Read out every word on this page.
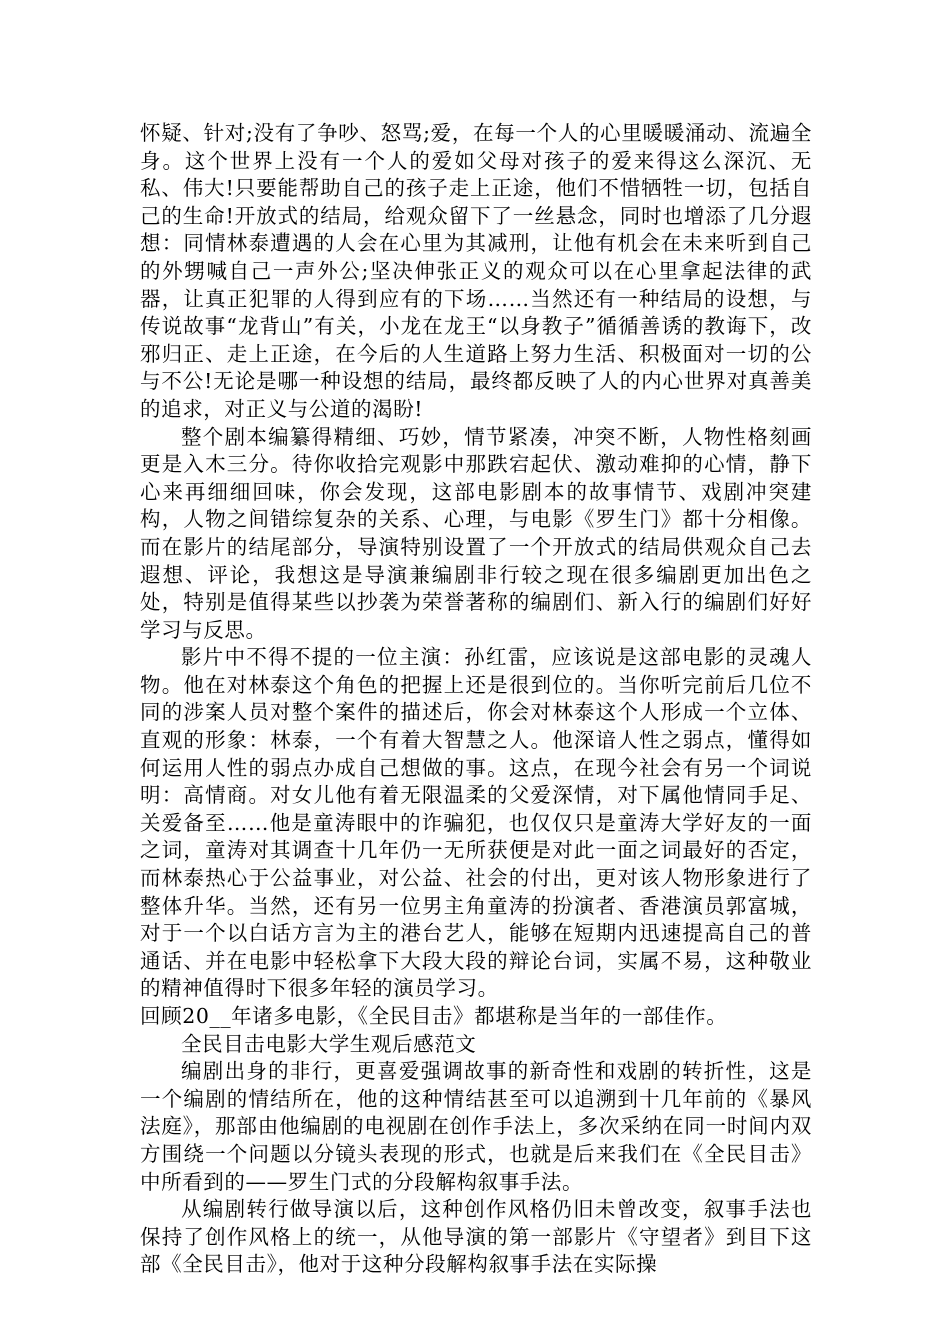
怀疑、针对;没有了争吵、怒骂;爱，在每一个人的心里暖暖涌动、流遍全身。这个世界上没有一个人的爱如父母对孩子的爱来得这么深沉、无私、伟大!只要能帮助自己的孩子走上正途，他们不惜牺牲一切，包括自己的生命!开放式的结局，给观众留下了一丝悬念，同时也增添了几分遐想：同情林泰遭遇的人会在心里为其减刑，让他有机会在未来听到自己的外甥喊自己一声外公;坚决伸张正义的观众可以在心里拿起法律的武器，让真正犯罪的人得到应有的下场……当然还有一种结局的设想，与传说故事“龙背山”有关，小龙在龙王“以身教子”循循善诱的教诲下，改邪归正、走上正途，在今后的人生道路上努力生活、积极面对一切的公与不公!无论是哪一种设想的结局，最终都反映了人的内心世界对真善美的追求，对正义与公道的渴盼!

整个剧本编纂得精细、巧妙，情节紧凑，冲突不断，人物性格刻画更是入木三分。待你收拾完观影中那跌宕起伏、激动难抑的心情，静下心来再细细回味，你会发现，这部电影剧本的故事情节、戏剧冲突建构，人物之间错综复杂的关系、心理，与电影《罗生门》都十分相像。而在影片的结尾部分，导演特别设置了一个开放式的结局供观众自己去遐想、评论，我想这是导演兼编剧非行较之现在很多编剧更加出色之处，特别是值得某些以抄袭为荣誉著称的编剧们、新入行的编剧们好好学习与反思。

影片中不得不提的一位主演：孙红雷，应该说是这部电影的灵魂人物。他在对林泰这个角色的把握上还是很到位的。当你听完前后几位不同的涉案人员对整个案件的描述后，你会对林泰这个人形成一个立体、直观的形象：林泰，一个有着大智慧之人。他深谙人性之弱点，懂得如何运用人性的弱点办成自己想做的事。这点，在现今社会有另一个词说明：高情商。对女儿他有着无限温柔的父爱深情，对下属他情同手足、关爱备至……他是童涛眼中的诈骗犯，也仅仅只是童涛大学好友的一面之词，童涛对其调查十几年仍一无所获便是对此一面之词最好的否定，而林泰热心于公益事业，对公益、社会的付出，更对该人物形象进行了整体升华。当然，还有另一位男主角童涛的扮演者、香港演员郭富城，对于一个以白话方言为主的港台艺人，能够在短期内迅速提高自己的普通话、并在电影中轻松拿下大段大段的辩论台词，实属不易，这种敬业的精神值得时下很多年轻的演员学习。

回顾20__年诸多电影，《全民目击》都堪称是当年的一部佳作。

全民目击电影大学生观后感范文

编剧出身的非行，更喜爱强调故事的新奇性和戏剧的转折性，这是一个编剧的情结所在，他的这种情结甚至可以追溯到十几年前的《暴风法庭》，那部由他编剧的电视剧在创作手法上，多次采纳在同一时间内双方围绕一个问题以分镜头表现的形式，也就是后来我们在《全民目击》中所看到的——罗生门式的分段解构叙事手法。

从编剧转行做导演以后，这种创作风格仍旧未曾改变，叙事手法也保持了创作风格上的统一，从他导演的第一部影片《守望者》到目下这部《全民目击》，他对于这种分段解构叙事手法在实际操
